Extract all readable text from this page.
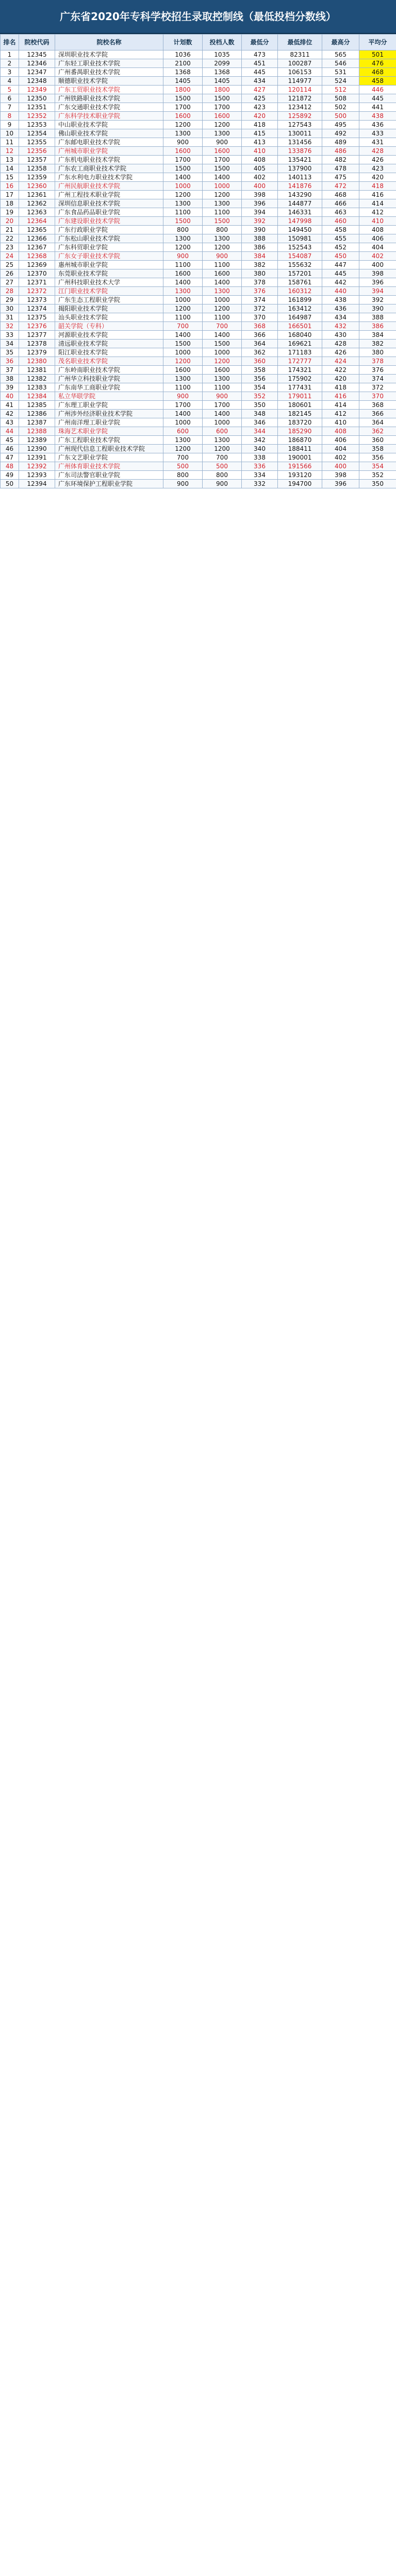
广东省2020年专科学校招生录取控制线（最低投档分数线）
排名	院校代码	院校名称	计划数	投档人数	最低分	最低排位	最高分	平均分
1	12345	深圳职业技术学院	1036	1035	473	82311	565	501
2	12346	广东轻工职业技术学院	2100	2099	451	100287	546	476
3	12347	广州番禺职业技术学院	1368	1368	445	106153	531	468
4	12348	顺德职业技术学院	1405	1405	434	114977	524	458
5	12349	广东工贸职业技术学院	1800	1800	427	120114	512	446
6	12350	广州铁路职业技术学院	1500	1500	425	121872	508	445
7	12351	广东交通职业技术学院	1700	1700	423	123412	502	441
8	12352	广东科学技术职业学院	1600	1600	420	125892	500	438
9	12353	中山职业技术学院	1200	1200	418	127543	495	436
10	12354	佛山职业技术学院	1300	1300	415	130011	492	433
11	12355	广东邮电职业技术学院	900	900	413	131456	489	431
12	12356	广州城市职业学院	1600	1600	410	133876	486	428
13	12357	广东机电职业技术学院	1700	1700	408	135421	482	426
14	12358	广东农工商职业技术学院	1500	1500	405	137900	478	423
15	12359	广东水利电力职业技术学院	1400	1400	402	140113	475	420
16	12360	广州民航职业技术学院	1000	1000	400	141876	472	418
17	12361	广州工程技术职业学院	1200	1200	398	143290	468	416
18	12362	深圳信息职业技术学院	1300	1300	396	144877	466	414
19	12363	广东食品药品职业学院	1100	1100	394	146331	463	412
20	12364	广东建设职业技术学院	1500	1500	392	147998	460	410
21	12365	广东行政职业学院	800	800	390	149450	458	408
22	12366	广东松山职业技术学院	1300	1300	388	150981	455	406
23	12367	广东科贸职业学院	1200	1200	386	152543	452	404
24	12368	广东女子职业技术学院	900	900	384	154087	450	402
25	12369	惠州城市职业学院	1100	1100	382	155632	447	400
26	12370	东莞职业技术学院	1600	1600	380	157201	445	398
27	12371	广州科技职业技术大学	1400	1400	378	158761	442	396
28	12372	江门职业技术学院	1300	1300	376	160312	440	394
29	12373	广东生态工程职业学院	1000	1000	374	161899	438	392
30	12374	揭阳职业技术学院	1200	1200	372	163412	436	390
31	12375	汕头职业技术学院	1100	1100	370	164987	434	388
32	12376	韶关学院（专科）	700	700	368	166501	432	386
33	12377	河源职业技术学院	1400	1400	366	168040	430	384
34	12378	清远职业技术学院	1500	1500	364	169621	428	382
35	12379	阳江职业技术学院	1000	1000	362	171183	426	380
36	12380	茂名职业技术学院	1200	1200	360	172777	424	378
37	12381	广东岭南职业技术学院	1600	1600	358	174321	422	376
38	12382	广州华立科技职业学院	1300	1300	356	175902	420	374
39	12383	广东南华工商职业学院	1100	1100	354	177431	418	372
40	12384	私立华联学院	900	900	352	179011	416	370
41	12385	广东理工职业学院	1700	1700	350	180601	414	368
42	12386	广州涉外经济职业技术学院	1400	1400	348	182145	412	366
43	12387	广州南洋理工职业学院	1000	1000	346	183720	410	364
44	12388	珠海艺术职业学院	600	600	344	185290	408	362
45	12389	广东工程职业技术学院	1300	1300	342	186870	406	360
46	12390	广州现代信息工程职业技术学院	1200	1200	340	188411	404	358
47	12391	广东文艺职业学院	700	700	338	190001	402	356
48	12392	广州体育职业技术学院	500	500	336	191566	400	354
49	12393	广东司法警官职业学院	800	800	334	193120	398	352
50	12394	广东环境保护工程职业学院	900	900	332	194700	396	350
